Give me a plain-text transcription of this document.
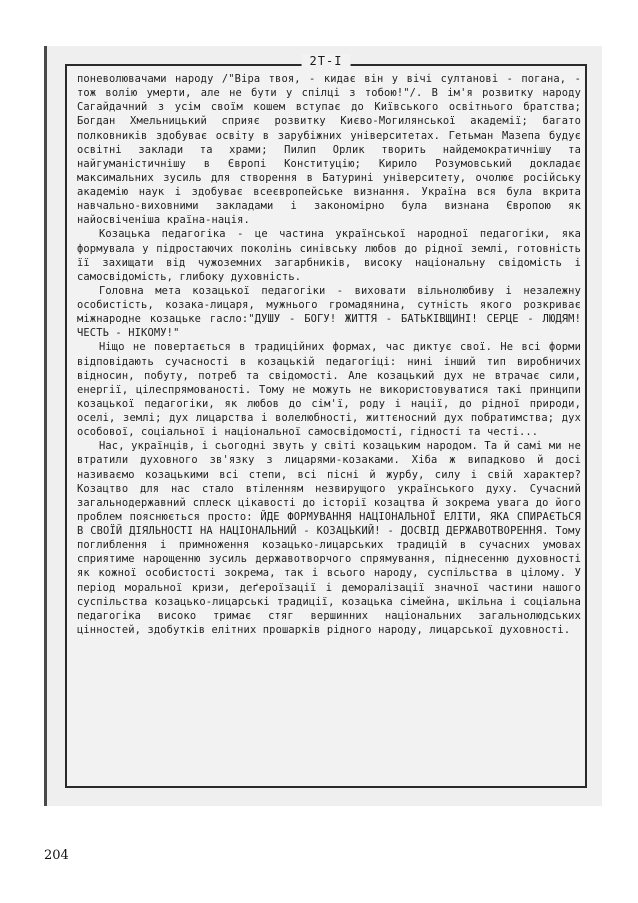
2Т-І

поневолювачами народу /"Віра твоя, - кидає він у вічі султанові - погана, - тож волію умерти, але не бути у спілці з тобою!"/. В ім'я розвитку народу Сагайдачний з усім своїм кошем вступає до Київського освітнього братства; Богдан Хмельницький сприяє розвитку Києво-Могилянської академії; багато полковників здобуває освіту в зарубіжних університетах. Гетьман Мазепа будує освітні заклади та храми; Пилип Орлик творить найдемократичнішу та найгуманістичнішу в Європі Конституцію; Кирило Розумовський докладає максимальних зусиль для створення в Батурині університету, очолює російську академію наук і здобуває всеєвропейське визнання. Україна вся була вкрита навчально-виховними закладами і закономірно була визнана Європою як найосвіченіша країна-нація.

Козацька педагогіка - це частина української народної педагогіки, яка формувала у підростаючих поколінь синівську любов до рідної землі, готовність її захищати від чужоземних загарбників, високу національну свідомість і самосвідомість, глибоку духовність.

Головна мета козацької педагогіки - виховати вільнолюбиву і незалежну особистість, козака-лицаря, мужнього громадянина, сутність якого розкриває міжнародне козацьке гасло:"ДУШУ - БОГУ! ЖИТТЯ - БАТЬКІВЩИНІ! СЕРЦЕ - ЛЮДЯМ! ЧЕСТЬ - НІКОМУ!"

Ніщо не повертається в традиційних формах, час диктує свої. Не всі форми відповідають сучасності в козацькій педагогіці: нині інший тип виробничих відносин, побуту, потреб та свідомості. Але козацький дух не втрачає сили, енергії, цілеспрямованості. Тому не можуть не використовуватися такі принципи козацької педагогіки, як любов до сім'ї, роду і нації, до рідної природи, оселі, землі; дух лицарства і волелюбності, життєносний дух побратимства; дух особової, соціальної і національної самосвідомості, гідності та честі...

Нас, українців, і сьогодні звуть у світі козацьким народом. Та й самі ми не втратили духовного зв'язку з лицарями-козаками. Хіба ж випадково й досі називаємо козацькими всі степи, всі пісні й журбу, силу і свій характер? Козацтво для нас стало втіленням незвирущого українського духу. Сучасний загальнодержавний сплеск цікавості до історії козацтва й зокрема увага до його проблем пояснюється просто: ЙДЕ ФОРМУВАННЯ НАЦІОНАЛЬНОЇ ЕЛІТИ, ЯКА СПИРАЄТЬСЯ В СВОЇЙ ДІЯЛЬНОСТІ НА НАЦІОНАЛЬНИЙ - КОЗАЦЬКИЙ! - ДОСВІД ДЕРЖАВОТВОРЕННЯ. Тому поглиблення і примноження козацько-лицарських традицій в сучасних умовах сприятиме нарощенню зусиль державотворчого спрямування, піднесенню духовності як кожної особистості зокрема, так і всього народу, суспільства в цілому. У період моральної кризи, деґероїзації і деморалізації значної частини нашого суспільства козацько-лицарські традиції, козацька сімейна, шкільна і соціальна педагогіка високо тримає стяг вершинних національних загальнолюдських цінностей, здобутків елітних прошарків рідного народу, лицарської духовності.

204
